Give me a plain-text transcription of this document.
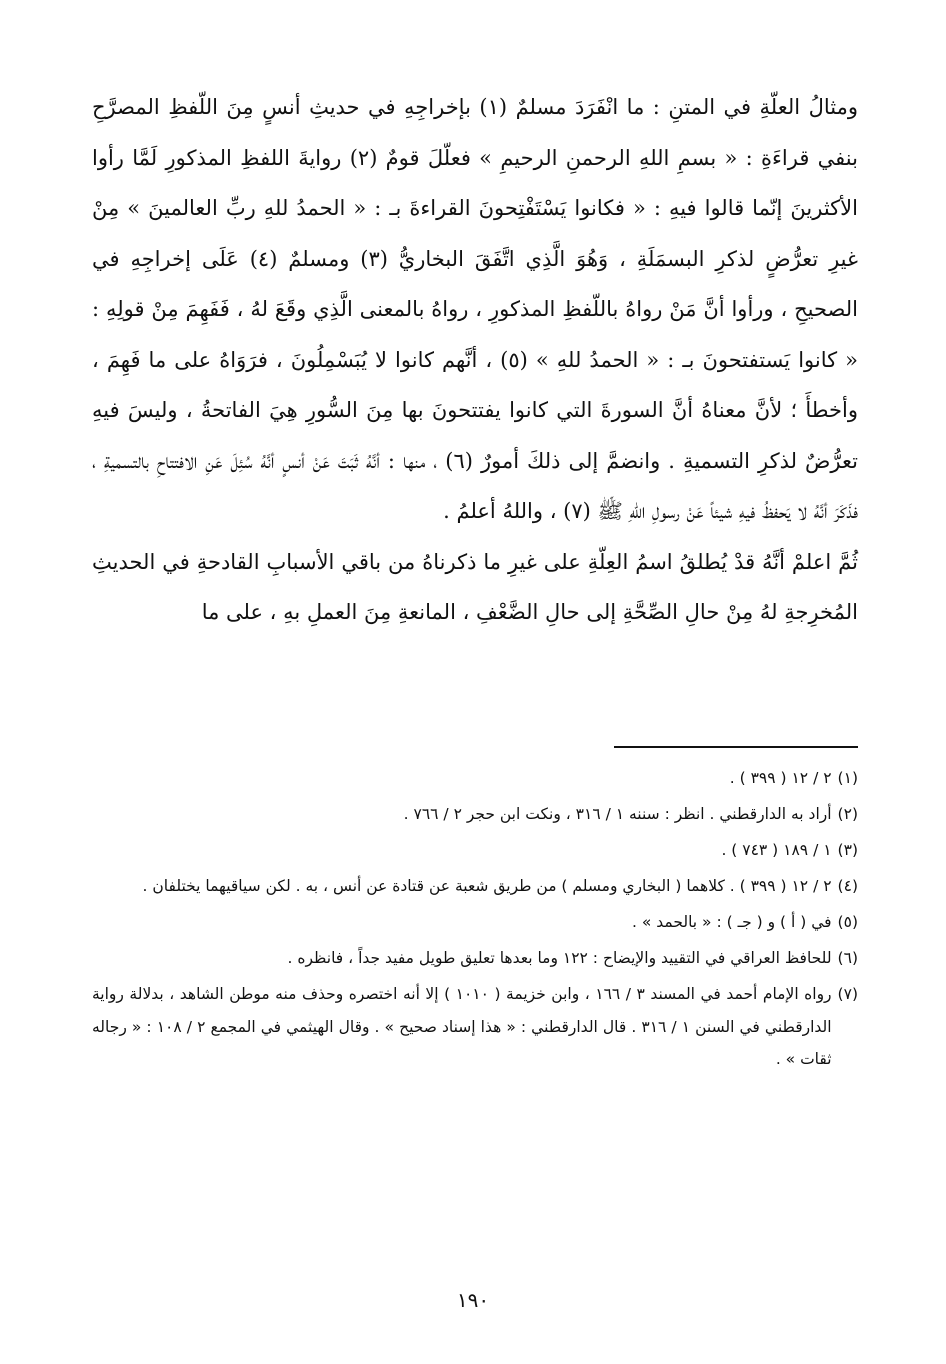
ومثالُ العلّةِ في المتنِ : ما انْفَرَدَ مسلمٌ (١) بإخراجِهِ في حديثِ أنسٍ مِنَ اللّفظِ المصرَّحِ بنفي قراءَةِ : « بسمِ اللهِ الرحمنِ الرحيمِ » فعلّلَ قومٌ (٢) روايةَ اللفظِ المذكورِ لَمَّا رأوا الأكثرينَ إنّما قالوا فيهِ : « فكانوا يَسْتَفْتِحونَ القراءةَ بـ : « الحمدُ للهِ ربِّ العالمينَ » مِنْ غيرِ تعرُّضٍ لذكرِ البسمَلَةِ ، وَهُوَ الَّذِي اتَّفَقَ البخاريُّ (٣) ومسلمٌ (٤) عَلَى إخراجِهِ في الصحيحِ ، ورأوا أنَّ مَنْ رواهُ باللّفظِ المذكورِ ، رواهُ بالمعنى الَّذِي وقَعَ لهُ ، فَفَهِمَ مِنْ قولِهِ : « كانوا يَستفتحونَ بـ : « الحمدُ للهِ » (٥) ، أنَّهم كانوا لا يُبَسْمِلُونَ ، فرَوَاهُ على ما فَهِمَ ، وأخطأَ ؛ لأنَّ معناهُ أنَّ السورةَ التي كانوا يفتتحونَ بها مِنَ السُّورِ هِيَ الفاتحةُ ، وليسَ فيهِ تعرُّضٌ لذكرِ التسميةِ . وانضمَّ إلى ذلكَ أمورٌ (٦) ، منها : أنَّهُ ثَبَتَ عَنْ أنسٍ أنَّهُ سُئِلَ عَنِ الافتتاحِ بالتسميةِ ، فذَكَرَ أنَّهُ لا يَحفظُ فيهِ شيئاً عَنْ رسولِ اللهِ ﷺ (٧) ، واللهُ أعلمُ .

ثُمَّ اعلمْ أنَّهُ قدْ يُطلقُ اسمُ العِلّةِ على غيرِ ما ذكرناهُ من باقي الأسبابِ القادحةِ في الحديثِ المُخرِجةِ لهُ مِنْ حالِ الصِّحَّةِ إلى حالِ الضَّعْفِ ، المانعةِ مِنَ العملِ بهِ ، على ما

(١)
٢ / ١٢ ( ٣٩٩ ) .
(٢)
أراد به الدارقطني . انظر : سننه ١ / ٣١٦ ، ونكت ابن حجر ٢ / ٧٦٦ .
(٣)
١ / ١٨٩ ( ٧٤٣ ) .
(٤)
٢ / ١٢ ( ٣٩٩ ) . كلاهما ( البخاري ومسلم ) من طريق شعبة عن قتادة عن أنس ، به . لكن سياقيهما يختلفان .
(٥)
في ( أ ) و ( جـ ) : « بالحمد » .
(٦)
للحافظ العراقي في التقييد والإيضاح : ١٢٢ وما بعدها تعليق طويل مفيد جداً ، فانظره .
(٧)
رواه الإمام أحمد في المسند ٣ / ١٦٦ ، وابن خزيمة ( ١٠١٠ ) إلا أنه اختصره وحذف منه موطن الشاهد ، بدلالة رواية الدارقطني في السنن ١ / ٣١٦ . قال الدارقطني : « هذا إسناد صحيح » . وقال الهيثمي في المجمع ٢ / ١٠٨ : « رجاله ثقات » .
١٩٠
